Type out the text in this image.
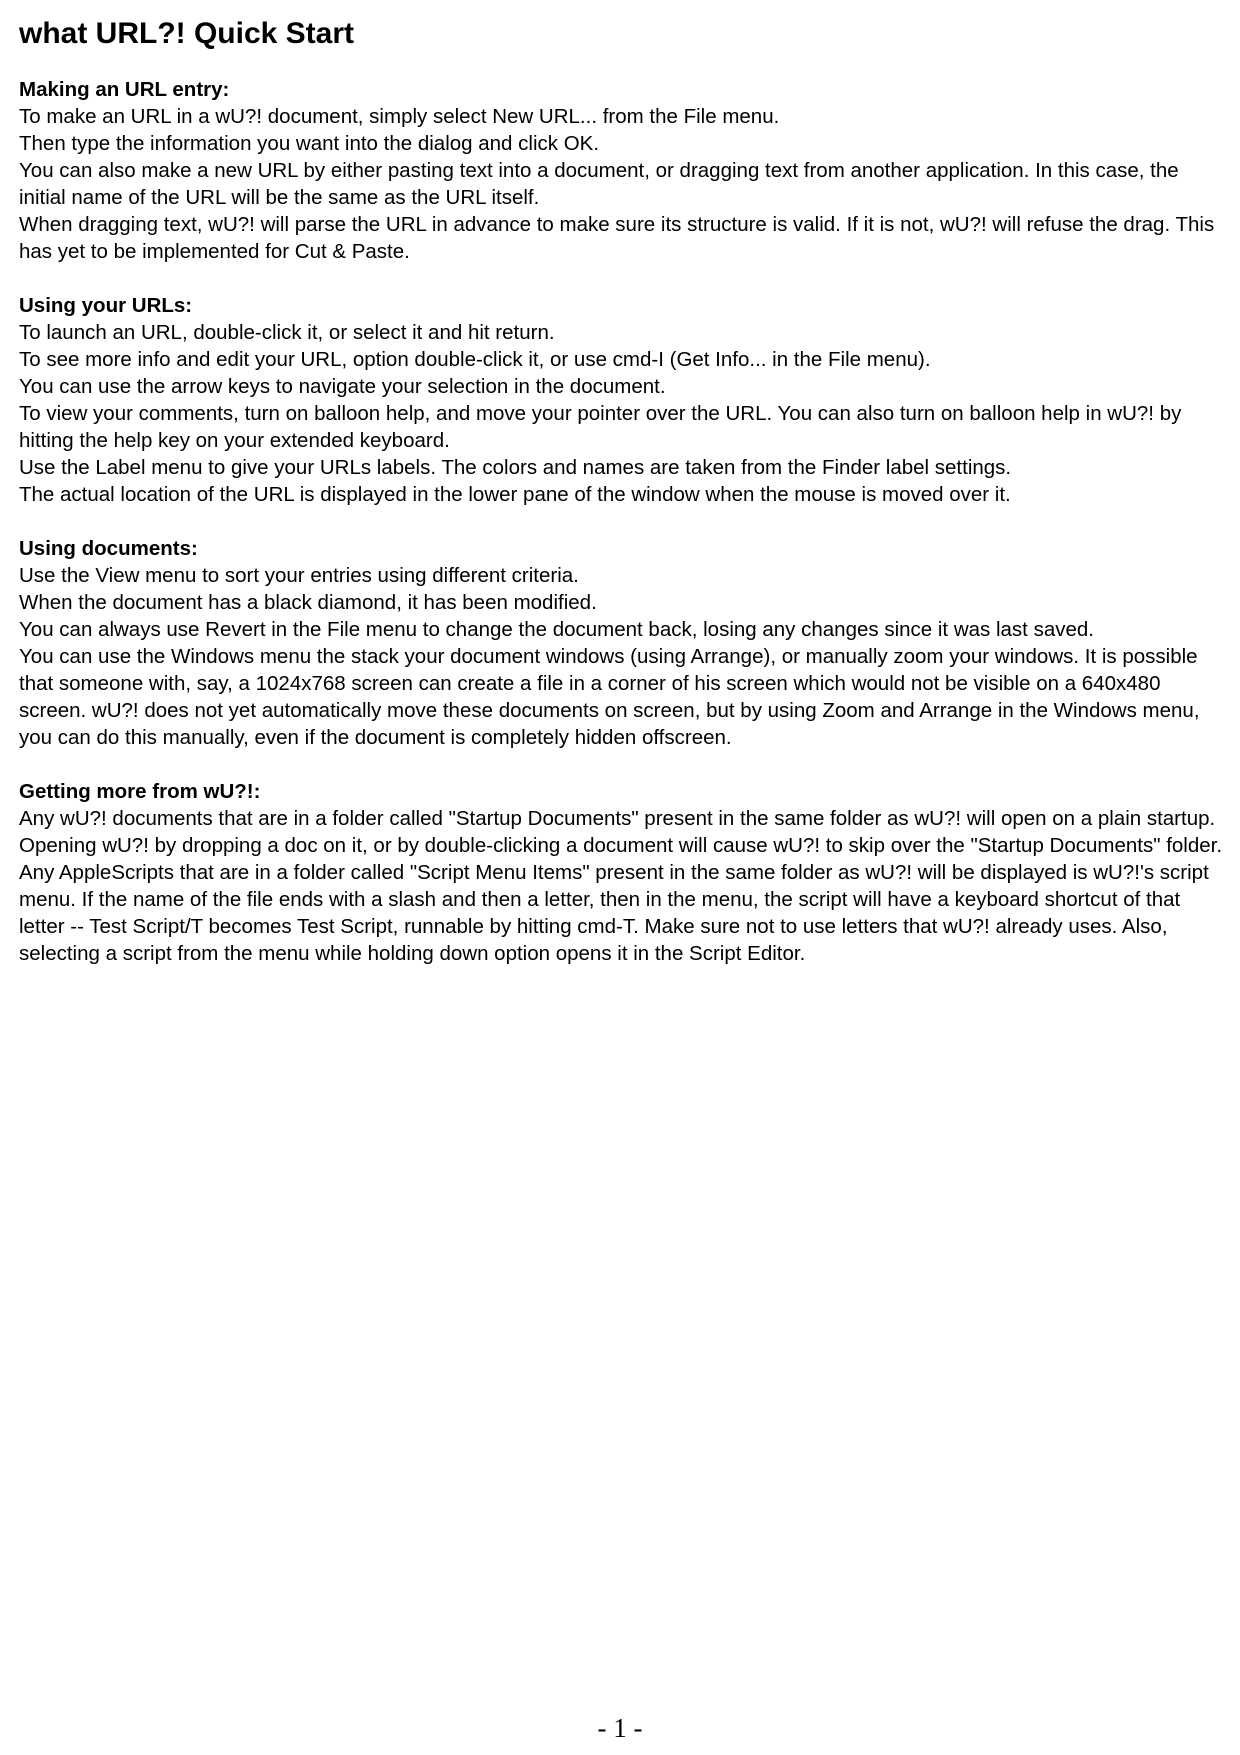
what URL?! Quick Start

Making an URL entry:

To make an URL in a wU?! document, simply select New URL... from the File menu.

Then type the information you want into the dialog and click OK.

You can also make a new URL by either pasting text into a document, or dragging text from another application. In this case, the initial name of the URL will be the same as the URL itself.

When dragging text, wU?! will parse the URL in advance to make sure its structure is valid. If it is not, wU?! will refuse the drag. This has yet to be implemented for Cut & Paste.

Using your URLs:

To launch an URL, double-click it, or select it and hit return.

To see more info and edit your URL, option double-click it, or use cmd-I (Get Info... in the File menu).

You can use the arrow keys to navigate your selection in the document.

To view your comments, turn on balloon help, and move your pointer over the URL. You can also turn on balloon help in wU?! by hitting the help key on your extended keyboard.

Use the Label menu to give your URLs labels. The colors and names are taken from the Finder label settings.

The actual location of the URL is displayed in the lower pane of the window when the mouse is moved over it.

Using documents:

Use the View menu to sort your entries using different criteria.

When the document has a black diamond, it has been modified.

You can always use Revert in the File menu to change the document back, losing any changes since it was last saved.

You can use the Windows menu the stack your document windows (using Arrange), or manually zoom your windows. It is possible that someone with, say, a 1024x768 screen can create a file in a corner of his screen which would not be visible on a 640x480 screen. wU?! does not yet automatically move these documents on screen, but by using Zoom and Arrange in the Windows menu, you can do this manually, even if the document is completely hidden offscreen.

Getting more from wU?!:

Any wU?! documents that are in a folder called "Startup Documents" present in the same folder as wU?! will open on a plain startup. Opening wU?! by dropping a doc on it, or by double-clicking a document will cause wU?! to skip over the "Startup Documents" folder.

Any AppleScripts that are in a folder called "Script Menu Items" present in the same folder as wU?! will be displayed is wU?!'s script menu. If the name of the file ends with a slash and then a letter, then in the menu, the script will have a keyboard shortcut of that letter -- Test Script/T becomes Test Script, runnable by hitting cmd-T. Make sure not to use letters that wU?! already uses. Also, selecting a script from the menu while holding down option opens it in the Script Editor.

- 1 -
